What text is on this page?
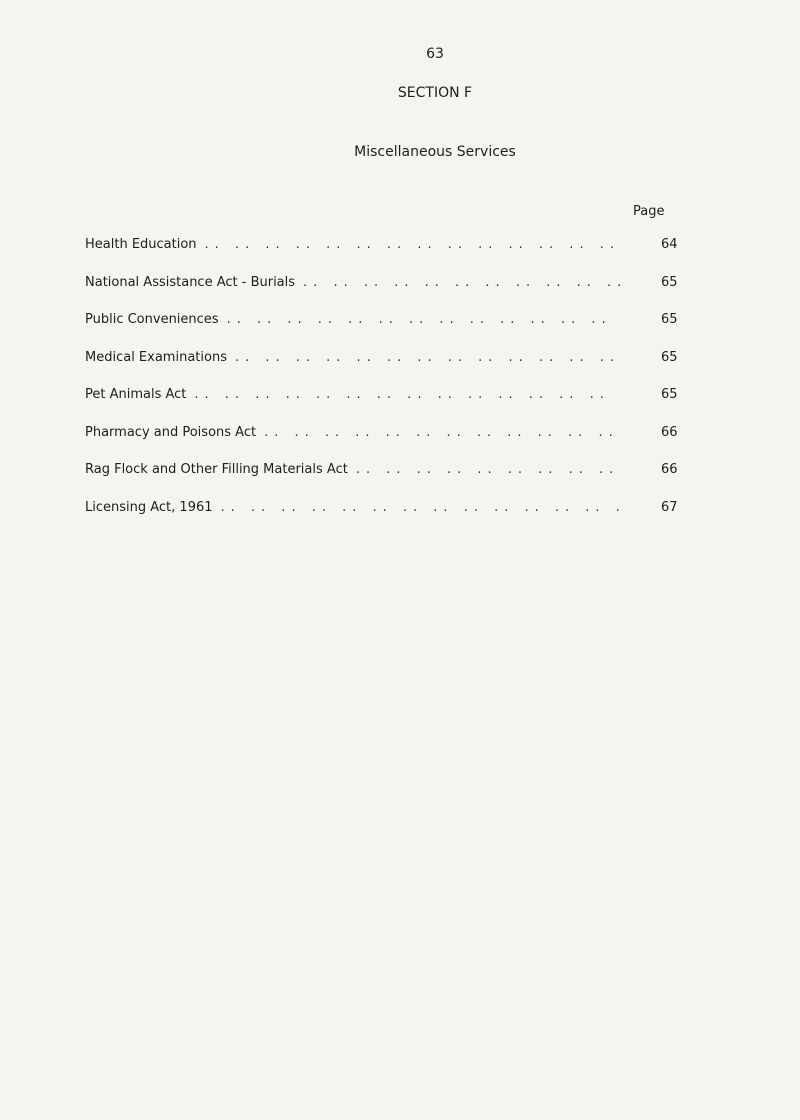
63
SECTION F
Miscellaneous Services
Page
Health Education .. ..	64
National Assistance Act - Burials .. ..	65
Public Conveniences .. ..	65
Medical Examinations .. ..	65
Pet Animals Act .. ..	65
Pharmacy and Poisons Act .. ..	66
Rag Flock and Other Filling Materials Act .. ..	66
Licensing Act, 1961 .. ..	67
